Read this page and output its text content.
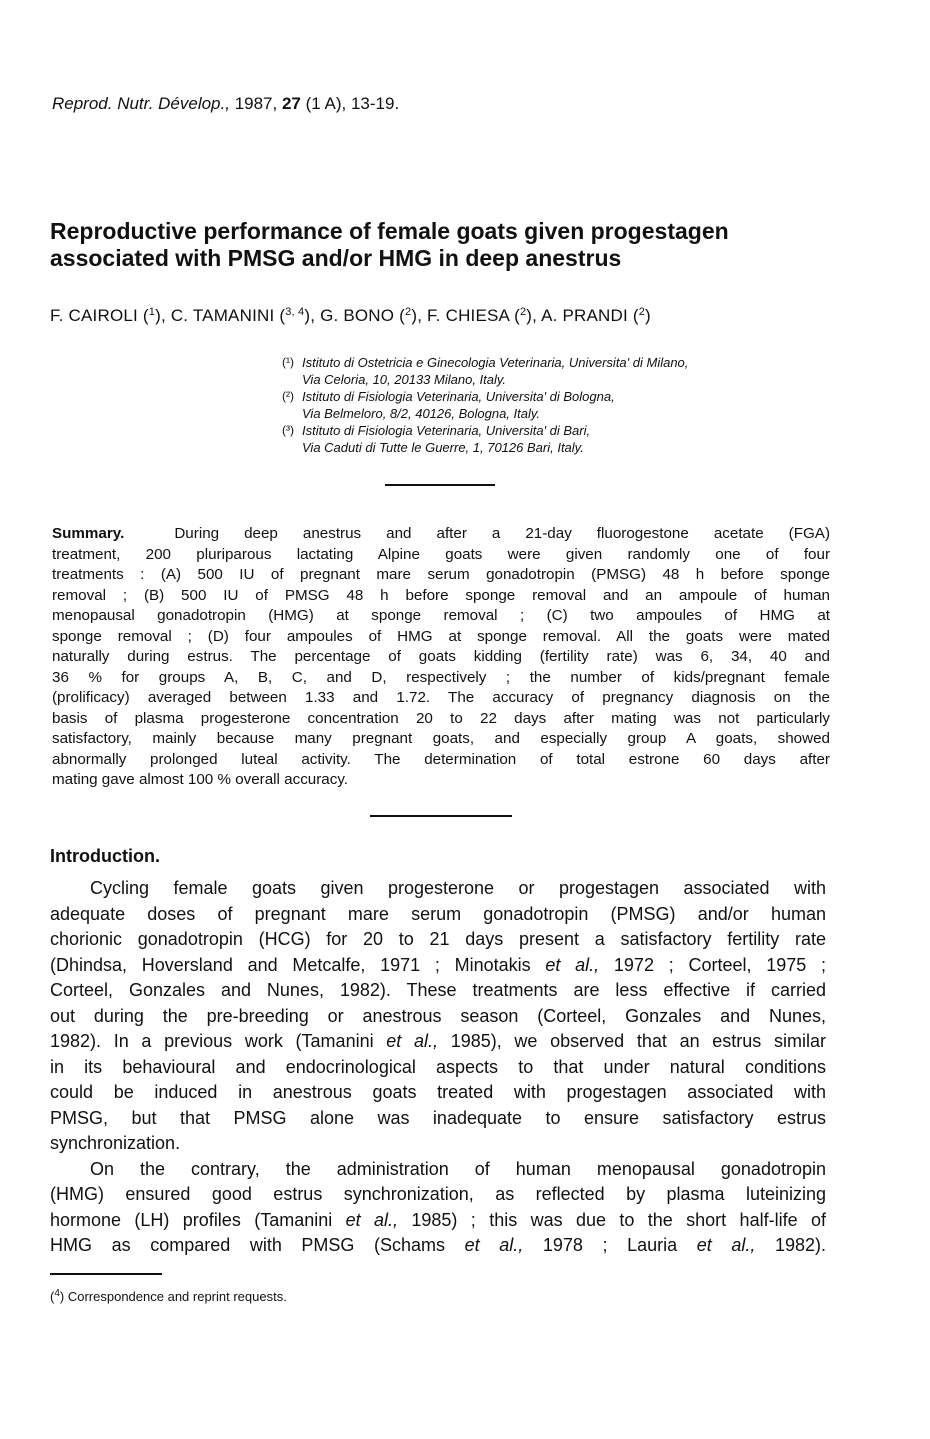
Reprod. Nutr. Dévelop., 1987, 27 (1 A), 13-19.
Reproductive performance of female goats given progestagen
associated with PMSG and/or HMG in deep anestrus
F. CAIROLI ($^1$), C. TAMANINI ($^{3, 4}$), G. BONO ($^2$), F. CHIESA ($^2$), A. PRANDI ($^2$)
(¹) Istituto di Ostetricia e Ginecologia Veterinaria, Universita' di Milano,
Via Celoria, 10, 20133 Milano, Italy.
(²) Istituto di Fisiologia Veterinaria, Universita' di Bologna,
Via Belmeloro, 8/2, 40126, Bologna, Italy.
(³) Istituto di Fisiologia Veterinaria, Universita' di Bari,
Via Caduti di Tutte le Guerre, 1, 70126 Bari, Italy.
Summary.	During deep anestrus and after a 21-day fluorogestone acetate (FGA)
treatment, 200 pluriparous lactating Alpine goats were given randomly one of four
treatments : (A) 500 IU of pregnant mare serum gonadotropin (PMSG) 48 h before sponge
removal ; (B) 500 IU of PMSG 48 h before sponge removal and an ampoule of human
menopausal gonadotropin (HMG) at sponge removal ; (C) two ampoules of HMG at
sponge removal ; (D) four ampoules of HMG at sponge removal. All the goats were mated
naturally during estrus. The percentage of goats kidding (fertility rate) was 6, 34, 40 and
36 % for groups A, B, C, and D, respectively ; the number of kids/pregnant female
(prolificacy) averaged between 1.33 and 1.72. The accuracy of pregnancy diagnosis on the
basis of plasma progesterone concentration 20 to 22 days after mating was not particularly
satisfactory, mainly because many pregnant goats, and especially group A goats, showed
abnormally prolonged luteal activity. The determination of total estrone 60 days after
mating gave almost 100 % overall accuracy.
Introduction.
Cycling female goats given progesterone or progestagen associated with
adequate doses of pregnant mare serum gonadotropin (PMSG) and/or human
chorionic gonadotropin (HCG) for 20 to 21 days present a satisfactory fertility rate
(Dhindsa, Hoversland and Metcalfe, 1971 ; Minotakis et al., 1972 ; Corteel, 1975 ;
Corteel, Gonzales and Nunes, 1982). These treatments are less effective if carried
out during the pre-breeding or anestrous season (Corteel, Gonzales and Nunes,
1982). In a previous work (Tamanini et al., 1985), we observed that an estrus similar
in its behavioural and endocrinological aspects to that under natural conditions
could be induced in anestrous goats treated with progestagen associated with
PMSG, but that PMSG alone was inadequate to ensure satisfactory estrus
synchronization.
On the contrary, the administration of human menopausal gonadotropin
(HMG) ensured good estrus synchronization, as reflected by plasma luteinizing
hormone (LH) profiles (Tamanini et al., 1985) ; this was due to the short half-life of
HMG as compared with PMSG (Schams et al., 1978 ; Lauria et al., 1982).
($^4$) Correspondence and reprint requests.
